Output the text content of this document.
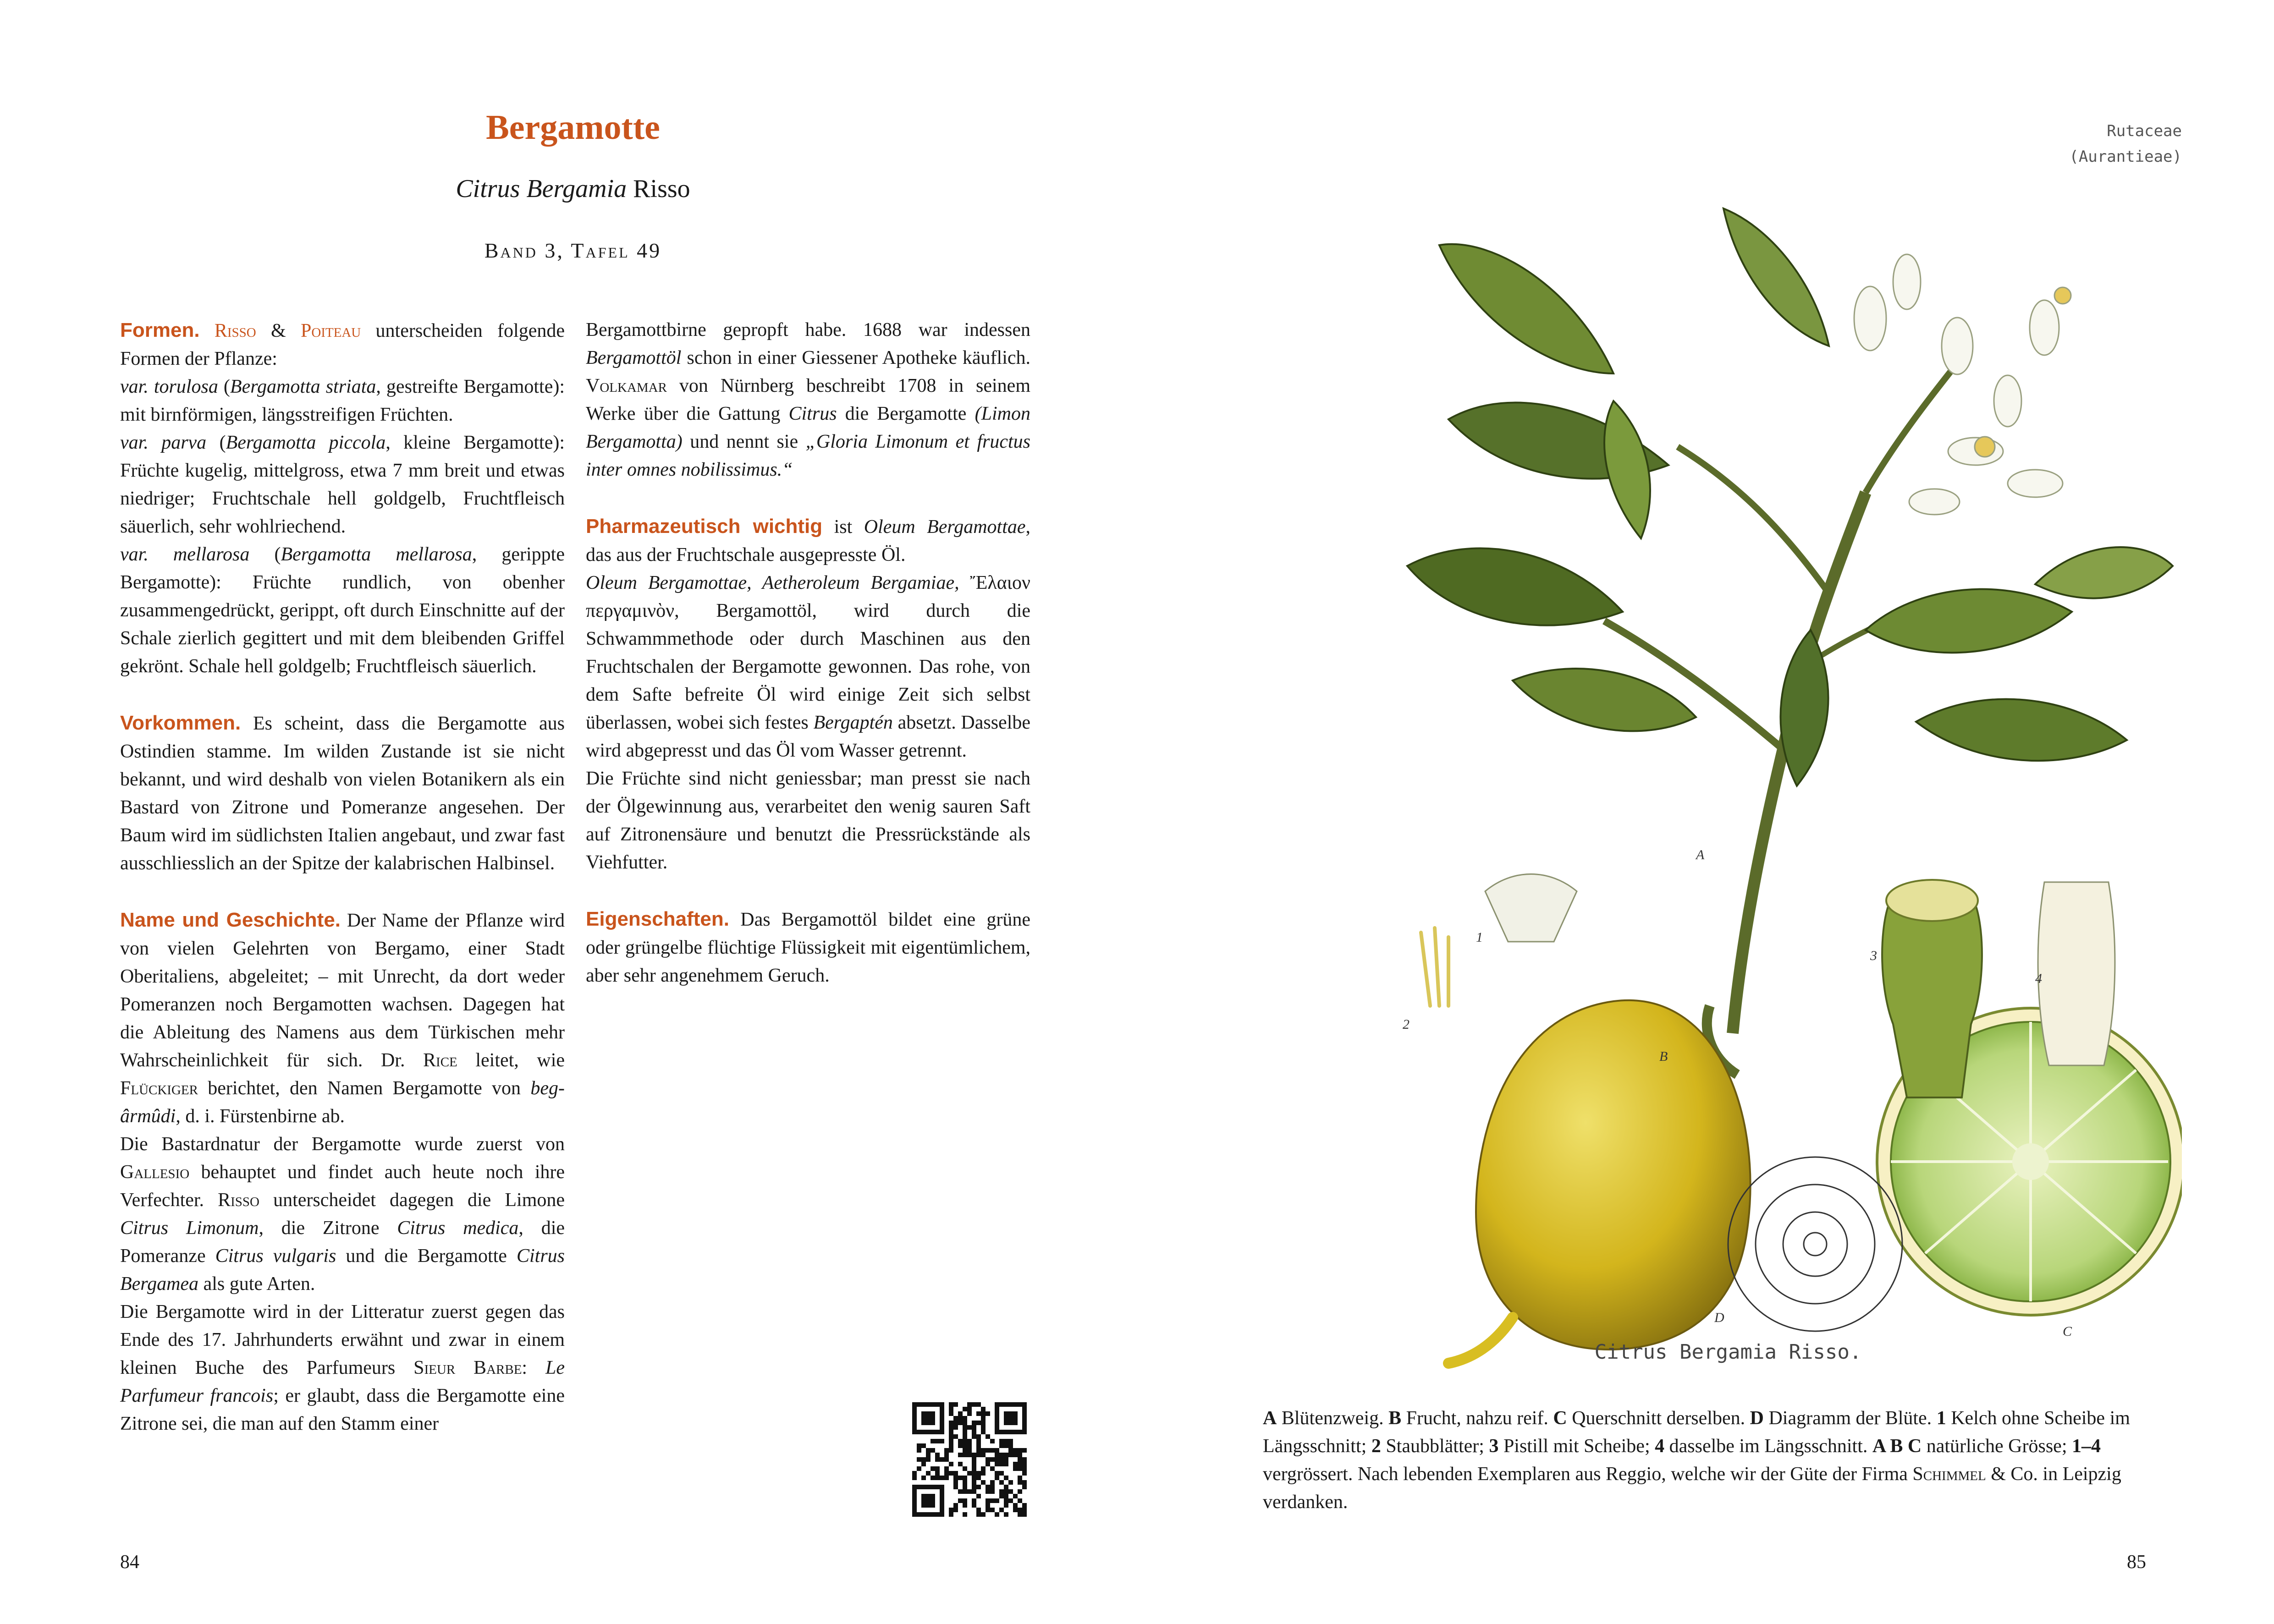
Bergamotte
Citrus Bergamia Risso
Band 3, Tafel 49

Formen. Risso & Poiteau unterscheiden folgende Formen der Pflanze:

var. torulosa (Bergamotta striata, gestreifte Bergamotte): mit birnförmigen, längsstreifigen Früchten.

var. parva (Bergamotta piccola, kleine Bergamotte): Früchte kugelig, mittelgross, etwa 7 mm breit und etwas niedriger; Fruchtschale hell goldgelb, Fruchtfleisch säuerlich, sehr wohlriechend.

var. mellarosa (Bergamotta mellarosa, gerippte Bergamotte): Früchte rundlich, von obenher zusammengedrückt, gerippt, oft durch Einschnitte auf der Schale zierlich gegittert und mit dem bleibenden Griffel gekrönt. Schale hell goldgelb; Fruchtfleisch säuerlich.

Vorkommen. Es scheint, dass die Bergamotte aus Ostindien stamme. Im wilden Zustande ist sie nicht bekannt, und wird deshalb von vielen Botanikern als ein Bastard von Zitrone und Pomeranze angesehen. Der Baum wird im südlichsten Italien angebaut, und zwar fast ausschliesslich an der Spitze der kalabrischen Halbinsel.

Name und Geschichte. Der Name der Pflanze wird von vielen Gelehrten von Bergamo, einer Stadt Oberitaliens, abgeleitet; – mit Unrecht, da dort weder Pomeranzen noch Bergamotten wachsen. Dagegen hat die Ableitung des Namens aus dem Türkischen mehr Wahrscheinlichkeit für sich. Dr. Rice leitet, wie Flückiger berichtet, den Namen Bergamotte von beg-ârmûdi, d. i. Fürstenbirne ab.

Die Bastardnatur der Bergamotte wurde zuerst von Gallesio behauptet und findet auch heute noch ihre Verfechter. Risso unterscheidet dagegen die Limone Citrus Limonum, die Zitrone Citrus medica, die Pomeranze Citrus vulgaris und die Bergamotte Citrus Bergamea als gute Arten.

Die Bergamotte wird in der Litteratur zuerst gegen das Ende des 17. Jahrhunderts erwähnt und zwar in einem kleinen Buche des Parfumeurs Sieur Barbe: Le Parfumeur francois; er glaubt, dass die Bergamotte eine Zitrone sei, die man auf den Stamm einer

Bergamottbirne gepropft habe. 1688 war indessen Bergamottöl schon in einer Giessener Apotheke käuflich. Volkamar von Nürnberg beschreibt 1708 in seinem Werke über die Gattung Citrus die Bergamotte (Limon Bergamotta) und nennt sie „Gloria Limonum et fructus inter omnes nobilissimus.“

Pharmazeutisch wichtig ist Oleum Bergamottae, das aus der Fruchtschale ausgepresste Öl.

Oleum Bergamottae, Aetheroleum Bergamiae, Ἔλαιον περγαμινὸν, Bergamottöl, wird durch die Schwammmethode oder durch Maschinen aus den Fruchtschalen der Bergamotte gewonnen. Das rohe, von dem Safte befreite Öl wird einige Zeit sich selbst überlassen, wobei sich festes Bergaptén absetzt. Dasselbe wird abgepresst und das Öl vom Wasser getrennt.

Die Früchte sind nicht geniessbar; man presst sie nach der Ölgewinnung aus, verarbeitet den wenig sauren Saft auf Zitronensäure und benutzt die Pressrückstände als Viehfutter.

Eigenschaften. Das Bergamottöl bildet eine grüne oder grüngelbe flüchtige Flüssigkeit mit eigentümlichem, aber sehr angenehmem Geruch.

84	85
A
B
C
D
1
2
3
4
Rutaceae
(Aurantieae)
Citrus Bergamia Risso.
A Blütenzweig. B Frucht, nahzu reif. C Querschnitt derselben. D Diagramm der Blüte. 1 Kelch ohne Scheibe im Längsschnitt; 2 Staubblätter; 3 Pistill mit Scheibe; 4 dasselbe im Längsschnitt. A B C natürliche Grösse; 1–4 vergrössert. Nach lebenden Exemplaren aus Reggio, welche wir der Güte der Firma Schimmel & Co. in Leipzig verdanken.
